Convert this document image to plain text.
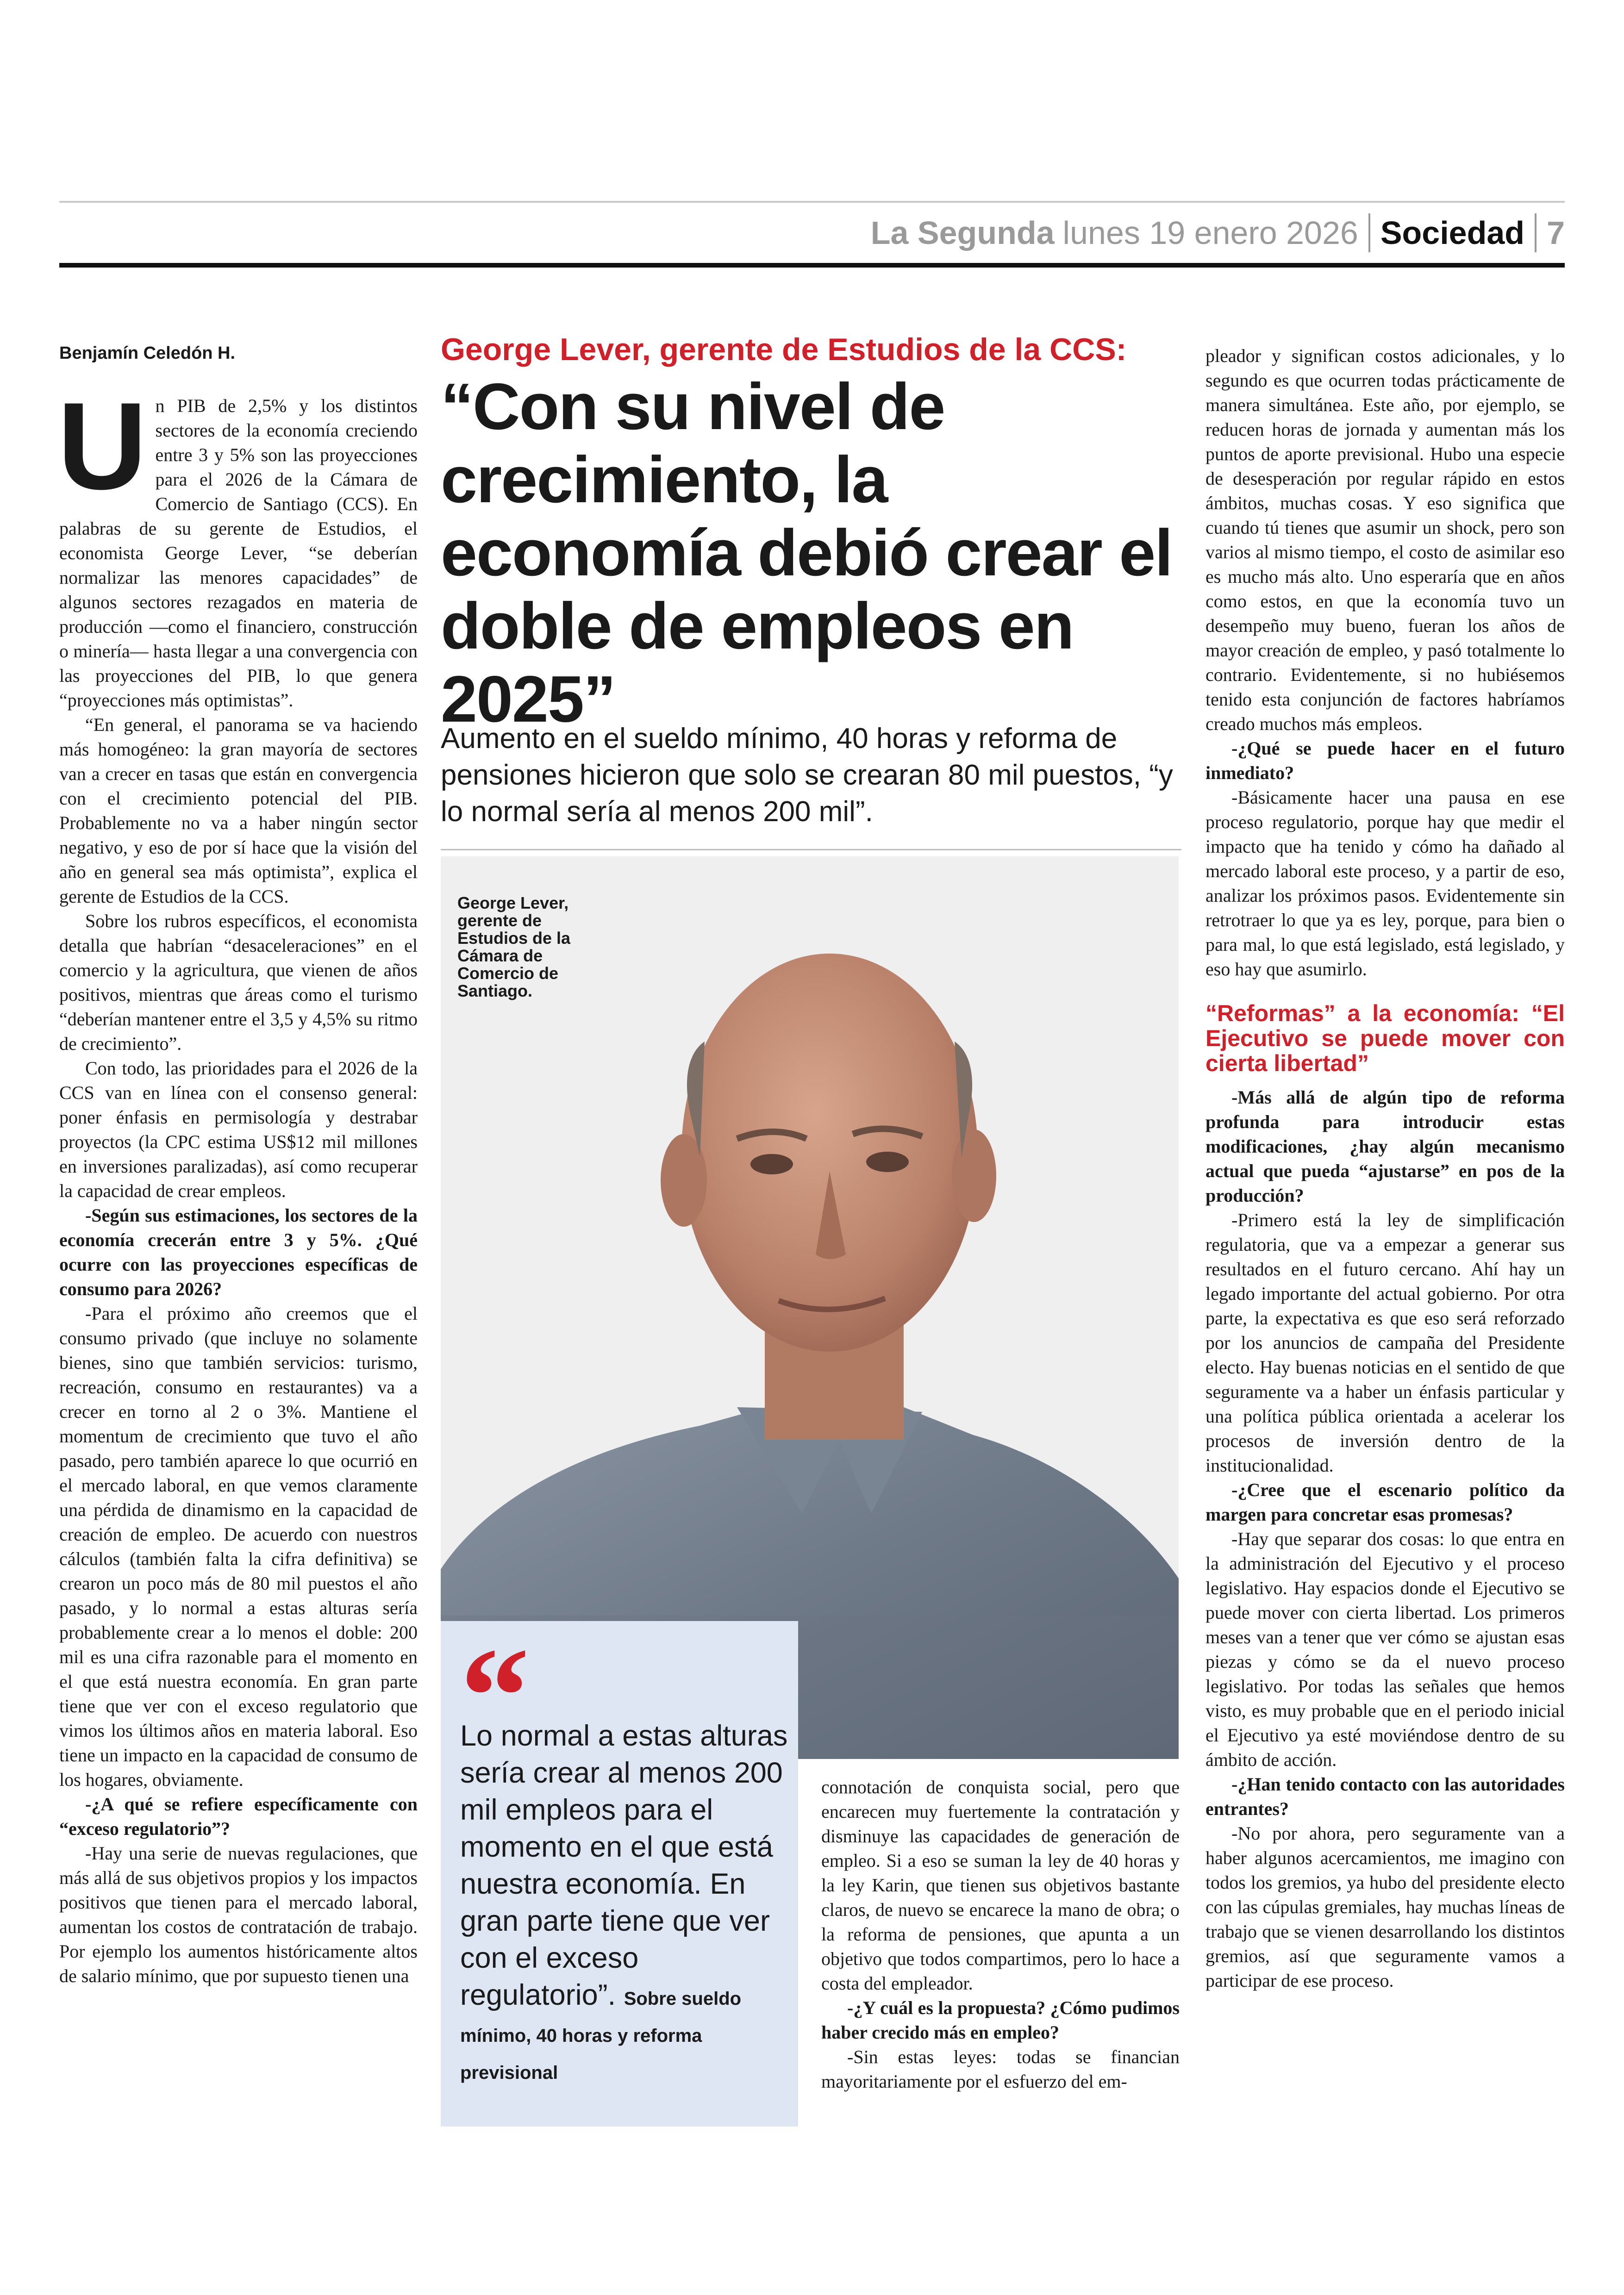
La Segunda lunes 19 enero 2026 Sociedad 7
Benjamín Celedón H.

Un PIB de 2,5% y los distintos sectores de la economía creciendo entre 3 y 5% son las proyecciones para el 2026 de la Cámara de Comercio de Santiago (CCS). En palabras de su gerente de Estudios, el economista George Lever, “se deberían normalizar las menores capacidades” de algunos sectores rezagados en materia de producción —como el financiero, construcción o minería— hasta llegar a una convergencia con las proyecciones del PIB, lo que genera “proyecciones más optimistas”.

“En general, el panorama se va haciendo más homogéneo: la gran mayoría de sectores van a crecer en tasas que están en convergencia con el crecimiento potencial del PIB. Probablemente no va a haber ningún sector negativo, y eso de por sí hace que la visión del año en general sea más optimista”, explica el gerente de Estudios de la CCS.

Sobre los rubros específicos, el economista detalla que habrían “desaceleraciones” en el comercio y la agricultura, que vienen de años positivos, mientras que áreas como el turismo “deberían mantener entre el 3,5 y 4,5% su ritmo de crecimiento”.

Con todo, las prioridades para el 2026 de la CCS van en línea con el consenso general: poner énfasis en permisología y destrabar proyectos (la CPC estima US$12 mil millones en inversiones paralizadas), así como recuperar la capacidad de crear empleos.

-Según sus estimaciones, los sectores de la economía crecerán entre 3 y 5%. ¿Qué ocurre con las proyecciones específicas de consumo para 2026?

-Para el próximo año creemos que el consumo privado (que incluye no solamente bienes, sino que también servicios: turismo, recreación, consumo en restaurantes) va a crecer en torno al 2 o 3%. Mantiene el momentum de crecimiento que tuvo el año pasado, pero también aparece lo que ocurrió en el mercado laboral, en que vemos claramente una pérdida de dinamismo en la capacidad de creación de empleo. De acuerdo con nuestros cálculos (también falta la cifra definitiva) se crearon un poco más de 80 mil puestos el año pasado, y lo normal a estas alturas sería probablemente crear a lo menos el doble: 200 mil es una cifra razonable para el momento en el que está nuestra economía. En gran parte tiene que ver con el exceso regulatorio que vimos los últimos años en materia laboral. Eso tiene un impacto en la capacidad de consumo de los hogares, obviamente.

-¿A qué se refiere específicamente con “exceso regulatorio”?

-Hay una serie de nuevas regulaciones, que más allá de sus objetivos propios y los impactos positivos que tienen para el mercado laboral, aumentan los costos de contratación de trabajo. Por ejemplo los aumentos históricamente altos de salario mínimo, que por supuesto tienen una

George Lever, gerente de Estudios de la CCS:
“Con su nivel de crecimiento, la economía debió crear el doble de empleos en 2025”
Aumento en el sueldo mínimo, 40 horas y reforma de pensiones hicieron que solo se crearan 80 mil puestos, “y lo normal sería al menos 200 mil”.
George Lever, gerente de Estudios de la Cámara de Comercio de Santiago.
“
Lo normal a estas alturas sería crear al menos 200 mil empleos para el momento en el que está nuestra economía. En gran parte tiene que ver con el exceso regulatorio”. Sobre sueldo mínimo, 40 horas y reforma previsional

connotación de conquista social, pero que encarecen muy fuertemente la contratación y disminuye las capacidades de generación de empleo. Si a eso se suman la ley de 40 horas y la ley Karin, que tienen sus objetivos bastante claros, de nuevo se encarece la mano de obra; o la reforma de pensiones, que apunta a un objetivo que todos compartimos, pero lo hace a costa del empleador.

-¿Y cuál es la propuesta? ¿Cómo pudimos haber crecido más en empleo?

-Sin estas leyes: todas se financian mayoritariamente por el esfuerzo del em-

pleador y significan costos adicionales, y lo segundo es que ocurren todas prácticamente de manera simultánea. Este año, por ejemplo, se reducen horas de jornada y aumentan más los puntos de aporte previsional. Hubo una especie de desesperación por regular rápido en estos ámbitos, muchas cosas. Y eso significa que cuando tú tienes que asumir un shock, pero son varios al mismo tiempo, el costo de asimilar eso es mucho más alto. Uno esperaría que en años como estos, en que la economía tuvo un desempeño muy bueno, fueran los años de mayor creación de empleo, y pasó totalmente lo contrario. Evidentemente, si no hubiésemos tenido esta conjunción de factores habríamos creado muchos más empleos.

-¿Qué se puede hacer en el futuro inmediato?

-Básicamente hacer una pausa en ese proceso regulatorio, porque hay que medir el impacto que ha tenido y cómo ha dañado al mercado laboral este proceso, y a partir de eso, analizar los próximos pasos. Evidentemente sin retrotraer lo que ya es ley, porque, para bien o para mal, lo que está legislado, está legislado, y eso hay que asumirlo.

“Reformas” a la economía: “El Ejecutivo se puede mover con cierta libertad”

-Más allá de algún tipo de reforma profunda para introducir estas modificaciones, ¿hay algún mecanismo actual que pueda “ajustarse” en pos de la producción?

-Primero está la ley de simplificación regulatoria, que va a empezar a generar sus resultados en el futuro cercano. Ahí hay un legado importante del actual gobierno. Por otra parte, la expectativa es que eso será reforzado por los anuncios de campaña del Presidente electo. Hay buenas noticias en el sentido de que seguramente va a haber un énfasis particular y una política pública orientada a acelerar los procesos de inversión dentro de la institucionalidad.

-¿Cree que el escenario político da margen para concretar esas promesas?

-Hay que separar dos cosas: lo que entra en la administración del Ejecutivo y el proceso legislativo. Hay espacios donde el Ejecutivo se puede mover con cierta libertad. Los primeros meses van a tener que ver cómo se ajustan esas piezas y cómo se da el nuevo proceso legislativo. Por todas las señales que hemos visto, es muy probable que en el periodo inicial el Ejecutivo ya esté moviéndose dentro de su ámbito de acción.

-¿Han tenido contacto con las autoridades entrantes?

-No por ahora, pero seguramente van a haber algunos acercamientos, me imagino con todos los gremios, ya hubo del presidente electo con las cúpulas gremiales, hay muchas líneas de trabajo que se vienen desarrollando los distintos gremios, así que seguramente vamos a participar de ese proceso.
